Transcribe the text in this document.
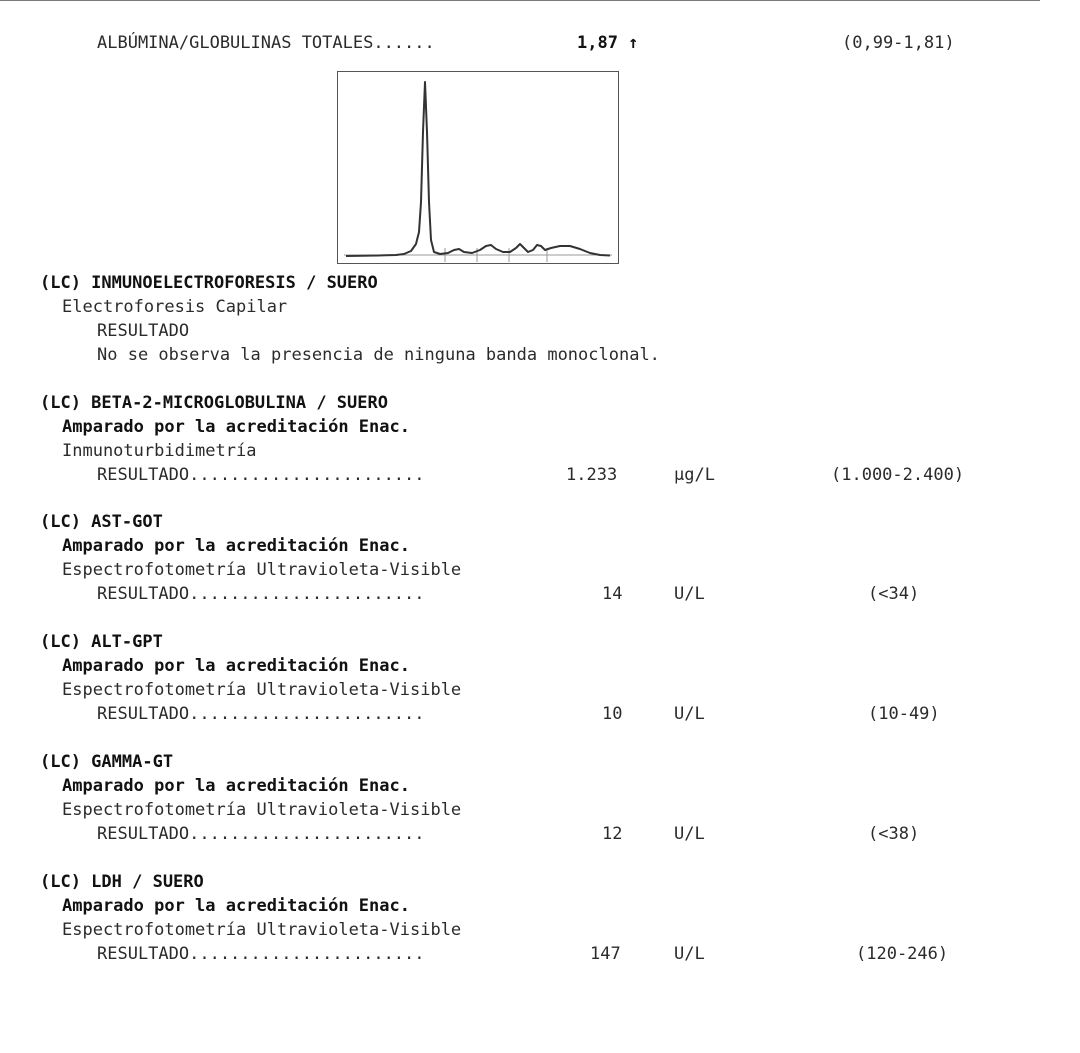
ALBÚMINA/GLOBULINAS TOTALES......	1,87 ↑	(0,99-1,81)
(LC) INMUNOELECTROFORESIS / SUERO
Electroforesis Capilar
RESULTADO
No se observa la presencia de ninguna banda monoclonal.
(LC) BETA-2-MICROGLOBULINA / SUERO
Amparado por la acreditación Enac.
Inmunoturbidimetría
RESULTADO.......................	1.233	µg/L	(1.000-2.400)
(LC) AST-GOT
Amparado por la acreditación Enac.
Espectrofotometría Ultravioleta-Visible
RESULTADO.......................	14	U/L	(<34)
(LC) ALT-GPT
Amparado por la acreditación Enac.
Espectrofotometría Ultravioleta-Visible
RESULTADO.......................	10	U/L	(10-49)
(LC) GAMMA-GT
Amparado por la acreditación Enac.
Espectrofotometría Ultravioleta-Visible
RESULTADO.......................	12	U/L	(<38)
(LC) LDH / SUERO
Amparado por la acreditación Enac.
Espectrofotometría Ultravioleta-Visible
RESULTADO.......................	147	U/L	(120-246)
